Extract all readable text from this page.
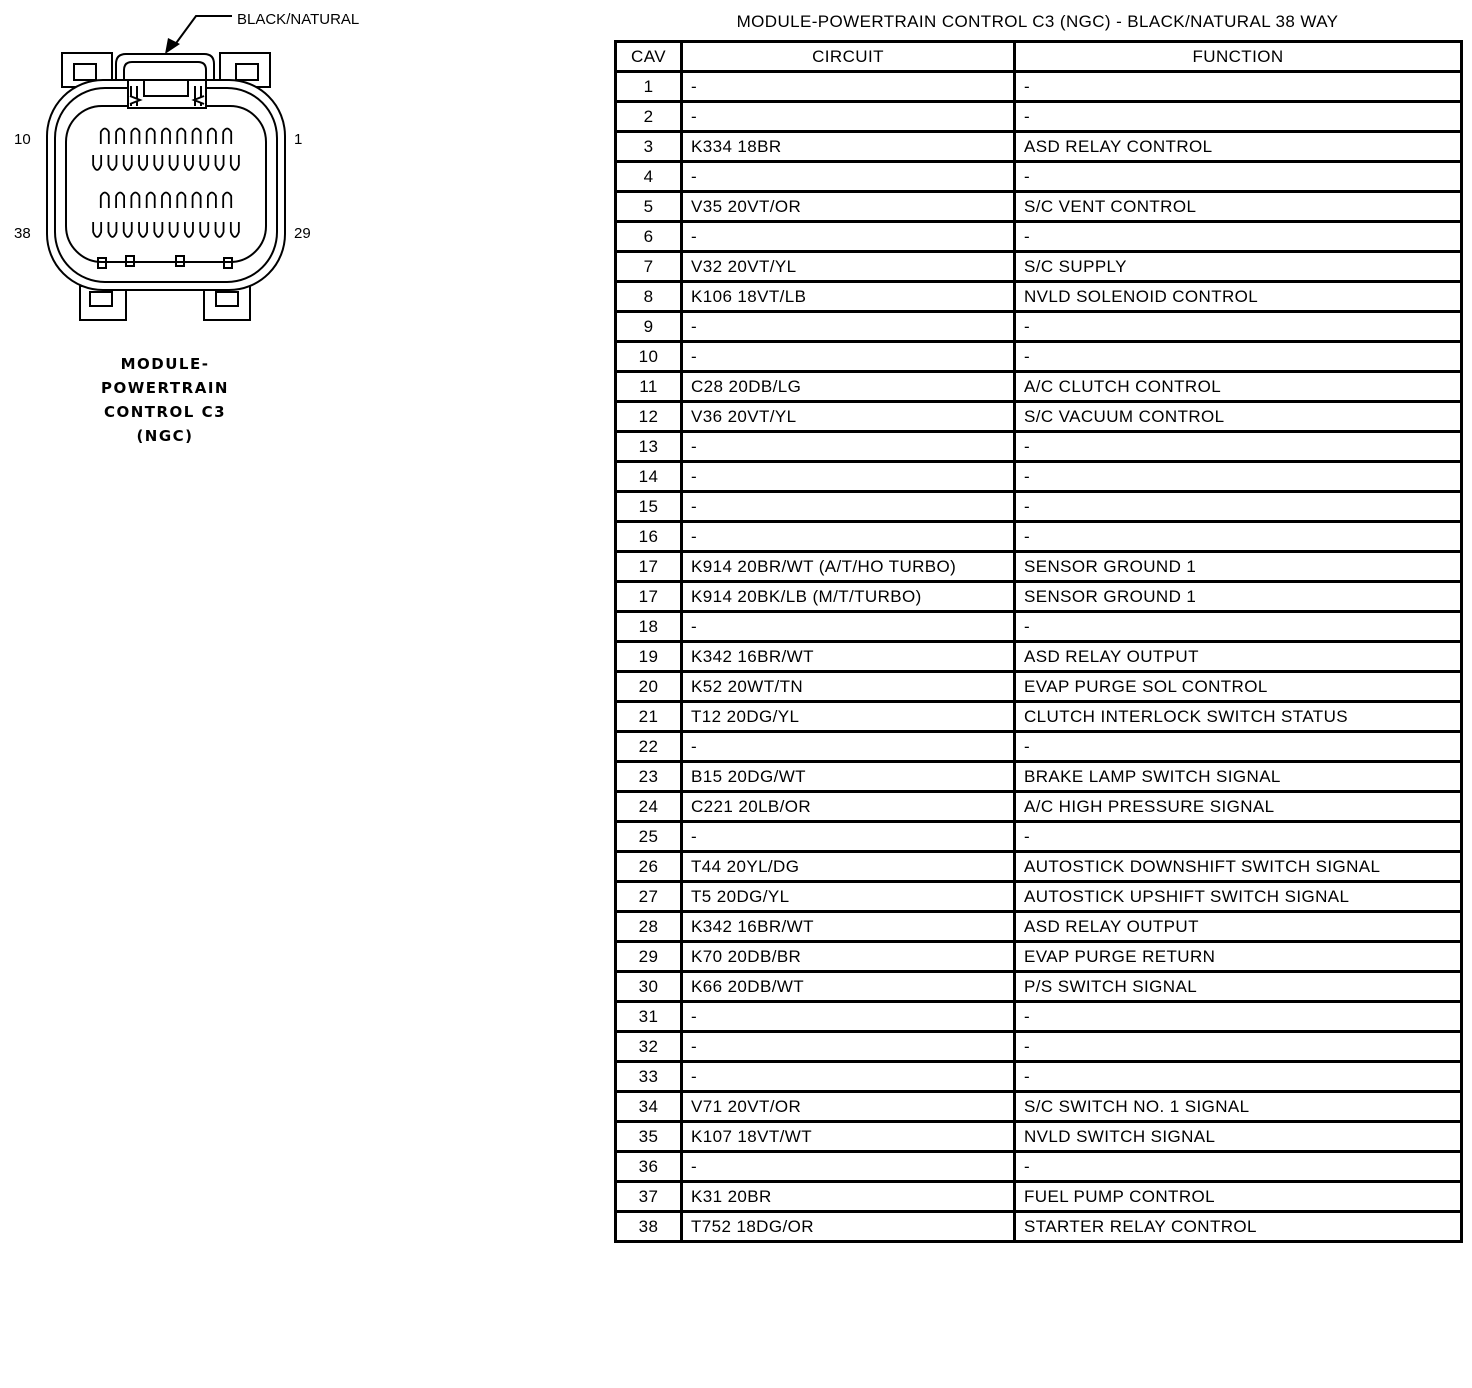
BLACK/NATURAL
10	1
38	29
MODULE-
POWERTRAIN
CONTROL C3
(NGC)
MODULE-POWERTRAIN CONTROL C3 (NGC) - BLACK/NATURAL 38 WAY
CAV	CIRCUIT	FUNCTION
1	-	-
2	-	-
3	K334 18BR	ASD RELAY CONTROL
4	-	-
5	V35 20VT/OR	S/C VENT CONTROL
6	-	-
7	V32 20VT/YL	S/C SUPPLY
8	K106 18VT/LB	NVLD SOLENOID CONTROL
9	-	-
10	-	-
11	C28 20DB/LG	A/C CLUTCH CONTROL
12	V36 20VT/YL	S/C VACUUM CONTROL
13	-	-
14	-	-
15	-	-
16	-	-
17	K914 20BR/WT (A/T/HO TURBO)	SENSOR GROUND 1
17	K914 20BK/LB (M/T/TURBO)	SENSOR GROUND 1
18	-	-
19	K342 16BR/WT	ASD RELAY OUTPUT
20	K52 20WT/TN	EVAP PURGE SOL CONTROL
21	T12 20DG/YL	CLUTCH INTERLOCK SWITCH STATUS
22	-	-
23	B15 20DG/WT	BRAKE LAMP SWITCH SIGNAL
24	C221 20LB/OR	A/C HIGH PRESSURE SIGNAL
25	-	-
26	T44 20YL/DG	AUTOSTICK DOWNSHIFT SWITCH SIGNAL
27	T5 20DG/YL	AUTOSTICK UPSHIFT SWITCH SIGNAL
28	K342 16BR/WT	ASD RELAY OUTPUT
29	K70 20DB/BR	EVAP PURGE RETURN
30	K66 20DB/WT	P/S SWITCH SIGNAL
31	-	-
32	-	-
33	-	-
34	V71 20VT/OR	S/C SWITCH NO. 1 SIGNAL
35	K107 18VT/WT	NVLD SWITCH SIGNAL
36	-	-
37	K31 20BR	FUEL PUMP CONTROL
38	T752 18DG/OR	STARTER RELAY CONTROL
